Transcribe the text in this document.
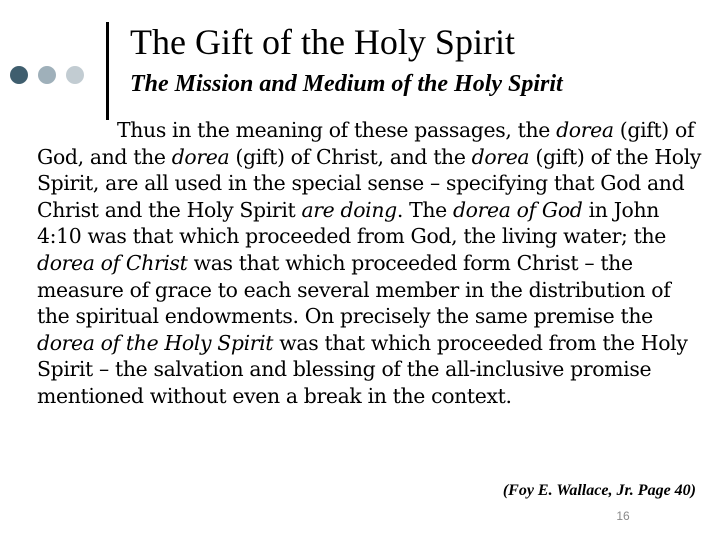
The Gift of the Holy Spirit
The Mission and Medium of the Holy Spirit

Thus in the meaning of these passages, the dorea (gift) of God, and the dorea (gift) of Christ, and the dorea (gift) of the Holy Spirit, are all used in the special sense – specifying that God and Christ and the Holy Spirit are doing. The dorea of God in John 4:10 was that which proceeded from God, the living water; the dorea of Christ was that which proceeded form Christ – the measure of grace to each several member in the distribution of the spiritual endowments. On precisely the same premise the dorea of the Holy Spirit was that which proceeded from the Holy Spirit – the salvation and blessing of the all-inclusive promise mentioned without even a break in the context.

(Foy E. Wallace, Jr. Page 40)

16
